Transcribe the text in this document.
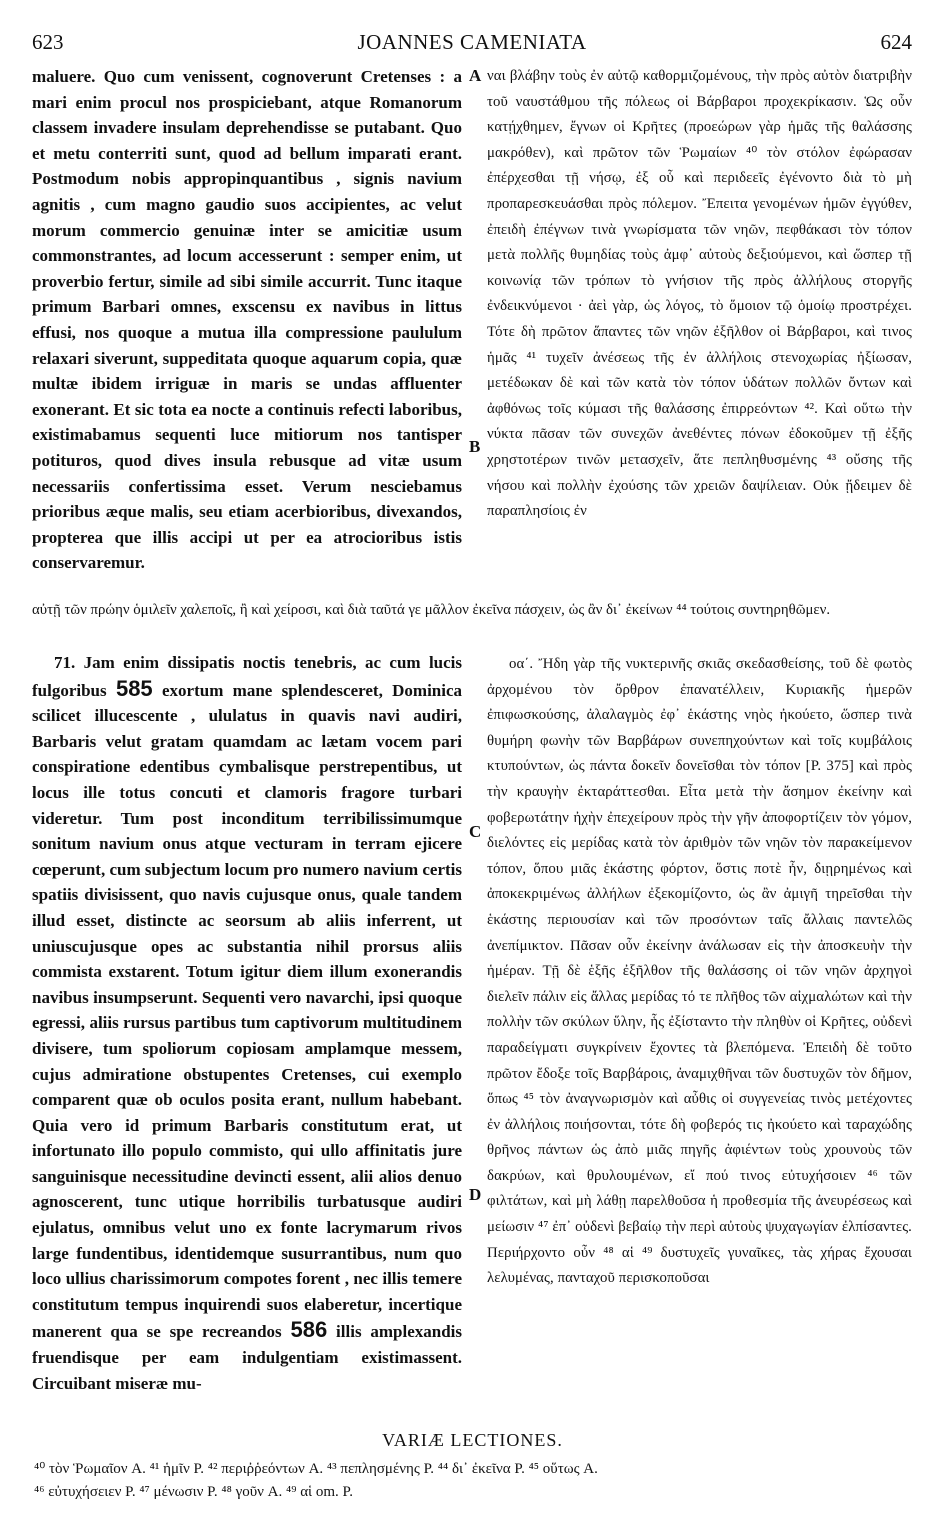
623	JOANNES CAMENIATA	624

maluere. Quo cum venissent, cognoverunt Cretenses : a mari enim procul nos prospiciebant, atque Romanorum classem invadere insulam deprehendisse se putabant. Quo et metu conterriti sunt, quod ad bellum imparati erant. Postmodum nobis appropinquantibus , signis navium agnitis , cum magno gaudio suos accipientes, ac velut morum commercio genuinæ inter se amicitiæ usum commonstrantes, ad locum accesserunt : semper enim, ut proverbio fertur, simile ad sibi simile accurrit. Tunc itaque primum Barbari omnes, exscensu ex navibus in littus effusi, nos quoque a mutua illa compressione paululum relaxari siverunt, suppeditata quoque aquarum copia, quæ multæ ibidem irriguæ in maris se undas affluenter exonerant. Et sic tota ea nocte a continuis refecti laboribus, existimabamus sequenti luce mitiorum nos tantisper potituros, quod dives insula rebusque ad vitæ usum necessariis confertissima esset. Verum nesciebamus prioribus æque malis, seu etiam acerbioribus, divexandos, propterea que illis accipi ut per ea atrocioribus istis conservaremur.

ναι βλάβην τοὺς ἐν αὐτῷ καθορμιζομένους, τὴν πρὸς αὐτὸν διατριβὴν τοῦ ναυστάθμου τῆς πόλεως οἱ Βάρβαροι προχεκρίκασιν. Ὡς οὖν κατῄχθημεν, ἔγνων οἱ Κρῆτες (προεώρων γὰρ ἡμᾶς τῆς θαλάσσης μακρόθεν), καὶ πρῶτον τῶν Ῥωμαίων ⁴⁰ τὸν στόλον ἐφώρασαν ἐπέρχεσθαι τῇ νήσῳ, ἐξ οὗ καὶ περιδεεῖς ἐγένοντο διὰ τὸ μὴ προπαρεσκευάσθαι πρὸς πόλεμον. Ἔπειτα γενομένων ἡμῶν ἐγγύθεν, ἐπειδὴ ἐπέγνων τινὰ γνωρίσματα τῶν νηῶν, πεφθάκασι τὸν τόπον μετὰ πολλῆς θυμηδίας τοὺς ἀμφ᾽ αὐτοὺς δεξιούμενοι, καὶ ὥσπερ τῇ κοινωνίᾳ τῶν τρόπων τὸ γνήσιον τῆς πρὸς ἀλλήλους στοργῆς ἐνδεικνύμενοι · ἀεὶ γὰρ, ὡς λόγος, τὸ ὅμοιον τῷ ὁμοίῳ προστρέχει. Τότε δὴ πρῶτον ἅπαντες τῶν νηῶν ἐξῆλθον οἱ Βάρβαροι, καὶ τινος ἡμᾶς ⁴¹ τυχεῖν ἀνέσεως τῆς ἐν ἀλλήλοις στενοχωρίας ἠξίωσαν, μετέδωκαν δὲ καὶ τῶν κατὰ τὸν τόπον ὑδάτων πολλῶν ὄντων καὶ ἀφθόνως τοῖς κύμασι τῆς θαλάσσης ἐπιρρεόντων ⁴². Καὶ οὕτω τὴν νύκτα πᾶσαν τῶν συνεχῶν ἀνεθέντες πόνων ἐδοκοῦμεν τῇ ἐξῆς χρηστοτέρων τινῶν μετασχεῖν, ἅτε πεπληθυσμένης ⁴³ οὔσης τῆς νήσου καὶ πολλὴν ἐχούσης τῶν χρειῶν δαψίλειαν. Οὐκ ᾔδειμεν δὲ παραπλησίοις ἐν

A
B

αὐτῇ τῶν πρώην ὁμιλεῖν χαλεποῖς, ἢ καὶ χείροσι, καὶ διὰ ταῦτά γε μᾶλλον ἐκεῖνα πάσχειν, ὡς ἂν δι᾽ ἐκείνων ⁴⁴ τούτοις συντηρηθῶμεν.

71. Jam enim dissipatis noctis tenebris, ac cum lucis fulgoribus 585 exortum mane splendesceret, Dominica scilicet illucescente , ululatus in quavis navi audiri, Barbaris velut gratam quamdam ac lætam vocem pari conspiratione edentibus cymbalisque perstrepentibus, ut locus ille totus concuti et clamoris fragore turbari videretur. Tum post inconditum terribilissimumque sonitum navium onus atque vecturam in terram ejicere cœperunt, cum subjectum locum pro numero navium certis spatiis divisissent, quo navis cujusque onus, quale tandem illud esset, distincte ac seorsum ab aliis inferrent, ut uniuscujusque opes ac substantia nihil prorsus aliis commista exstarent. Totum igitur diem illum exonerandis navibus insumpserunt. Sequenti vero navarchi, ipsi quoque egressi, aliis rursus partibus tum captivorum multitudinem divisere, tum spoliorum copiosam amplamque messem, cujus admiratione obstupentes Cretenses, cui exemplo comparent quæ ob oculos posita erant, nullum habebant. Quia vero id primum Barbaris constitutum erat, ut infortunato illo populo commisto, qui ullo affinitatis jure sanguinisque necessitudine devincti essent, alii alios denuo agnoscerent, tunc utique horribilis turbatusque audiri ejulatus, omnibus velut uno ex fonte lacrymarum rivos large fundentibus, identidemque susurrantibus, num quo loco ullius charissimorum compotes forent , nec illis temere constitutum tempus inquirendi suos elaberetur, incertique manerent qua se spe recreandos 586 illis amplexandis fruendisque per eam indulgentiam existimassent. Circuibant miseræ mu-

οα΄. Ἤδη γὰρ τῆς νυκτερινῆς σκιᾶς σκεδασθείσης, τοῦ δὲ φωτὸς ἀρχομένου τὸν ὄρθρον ἐπανατέλλειν, Κυριακῆς ἡμερῶν ἐπιφωσκούσης, ἀλαλαγμὸς ἐφ᾽ ἑκάστης νηὸς ἠκούετο, ὥσπερ τινὰ θυμήρη φωνὴν τῶν Βαρβάρων συνεπηχούντων καὶ τοῖς κυμβάλοις κτυπούντων, ὡς πάντα δοκεῖν δονεῖσθαι τὸν τόπον [P. 375] καὶ πρὸς τὴν κραυγὴν ἐκταράττεσθαι. Εἶτα μετὰ τὴν ἄσημον ἐκείνην καὶ φοβερωτάτην ἠχὴν ἐπεχείρουν πρὸς τὴν γῆν ἀποφορτίζειν τὸν γόμον, διελόντες εἰς μερίδας κατὰ τὸν ἀριθμὸν τῶν νηῶν τὸν παρακείμενον τόπον, ὅπου μιᾶς ἑκάστης φόρτον, ὅστις ποτὲ ἦν, διῃρημένως καὶ ἀποκεκριμένως ἀλλήλων ἐξεκομίζοντο, ὡς ἂν ἀμιγῆ τηρεῖσθαι τὴν ἑκάστης περιουσίαν καὶ τῶν προσόντων ταῖς ἄλλαις παντελῶς ἀνεπίμικτον. Πᾶσαν οὖν ἐκείνην ἀνάλωσαν εἰς τὴν ἀποσκευὴν τὴν ἡμέραν. Τῇ δὲ ἑξῆς ἐξῆλθον τῆς θαλάσσης οἱ τῶν νηῶν ἀρχηγοὶ διελεῖν πάλιν εἰς ἄλλας μερίδας τό τε πλῆθος τῶν αἰχμαλώτων καὶ τὴν πολλὴν τῶν σκύλων ὕλην, ἧς ἐξίσταντο τὴν πληθὺν οἱ Κρῆτες, οὐδενὶ παραδείγματι συγκρίνειν ἔχοντες τὰ βλεπόμενα. Ἐπειδὴ δὲ τοῦτο πρῶτον ἔδοξε τοῖς Βαρβάροις, ἀναμιχθῆναι τῶν δυστυχῶν τὸν δῆμον, ὅπως ⁴⁵ τὸν ἀναγνωρισμὸν καὶ αὖθις οἱ συγγενείας τινὸς μετέχοντες ἐν ἀλλήλοις ποιήσονται, τότε δὴ φοβερός τις ἠκούετο καὶ ταραχώδης θρῆνος πάντων ὡς ἀπὸ μιᾶς πηγῆς ἀφιέντων τοὺς χρουνοὺς τῶν δακρύων, καὶ θρυλουμένων, εἴ πού τινος εὐτυχήσοιεν ⁴⁶ τῶν φιλτάτων, καὶ μὴ λάθῃ παρελθοῦσα ἡ προθεσμία τῆς ἀνευρέσεως καὶ μείωσιν ⁴⁷ ἐπ᾽ οὐδενὶ βεβαίῳ τὴν περὶ αὐτοὺς ψυχαγωγίαν ἐλπίσαντες. Περιήρχοντο οὖν ⁴⁸ αἱ ⁴⁹ δυστυχεῖς γυναῖκες, τὰς χήρας ἔχουσαι λελυμένας, πανταχοῦ περισκοποῦσαι

C
D
VARIÆ LECTIONES.
⁴⁰ τὸν Ῥωμαῖον A. ⁴¹ ἡμῖν P. ⁴² περιῤῥεόντων A. ⁴³ πεπλησμένης P. ⁴⁴ δι᾽ ἐκεῖνα P. ⁴⁵ οὕτως A.
⁴⁶ εὐτυχήσειεν P. ⁴⁷ μένωσιν P. ⁴⁸ γοῦν A. ⁴⁹ αἱ om. P.
